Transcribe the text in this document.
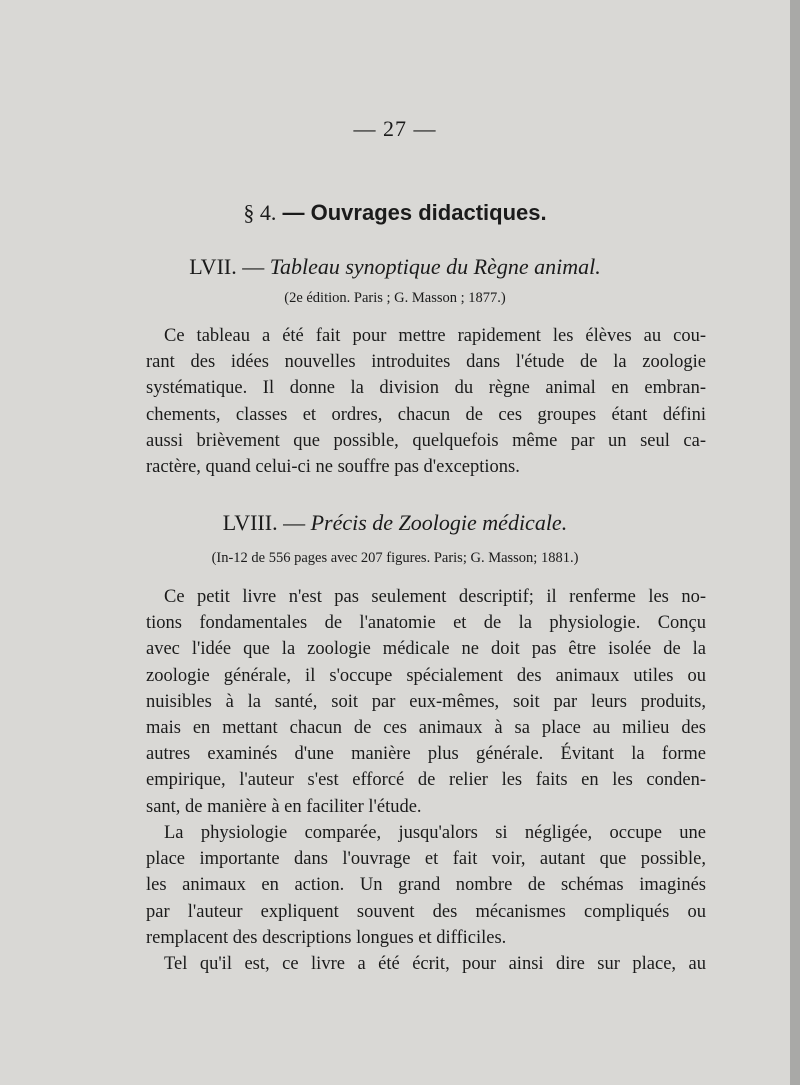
— 27 —
§ 4. — Ouvrages didactiques.
LVII. — Tableau synoptique du Règne animal.
(2e édition. Paris ; G. Masson ; 1877.)
Ce tableau a été fait pour mettre rapidement les élèves au cou-
rant des idées nouvelles introduites dans l'étude de la zoologie
systématique. Il donne la division du règne animal en embran-
chements, classes et ordres, chacun de ces groupes étant défini
aussi brièvement que possible, quelquefois même par un seul ca-
ractère, quand celui-ci ne souffre pas d'exceptions.
LVIII. — Précis de Zoologie médicale.
(In-12 de 556 pages avec 207 figures. Paris; G. Masson; 1881.)
Ce petit livre n'est pas seulement descriptif; il renferme les no-
tions fondamentales de l'anatomie et de la physiologie. Conçu
avec l'idée que la zoologie médicale ne doit pas être isolée de la
zoologie générale, il s'occupe spécialement des animaux utiles ou
nuisibles à la santé, soit par eux-mêmes, soit par leurs produits,
mais en mettant chacun de ces animaux à sa place au milieu des
autres examinés d'une manière plus générale. Évitant la forme
empirique, l'auteur s'est efforcé de relier les faits en les conden-
sant, de manière à en faciliter l'étude.
La physiologie comparée, jusqu'alors si négligée, occupe une
place importante dans l'ouvrage et fait voir, autant que possible,
les animaux en action. Un grand nombre de schémas imaginés
par l'auteur expliquent souvent des mécanismes compliqués ou
remplacent des descriptions longues et difficiles.
Tel qu'il est, ce livre a été écrit, pour ainsi dire sur place, au
